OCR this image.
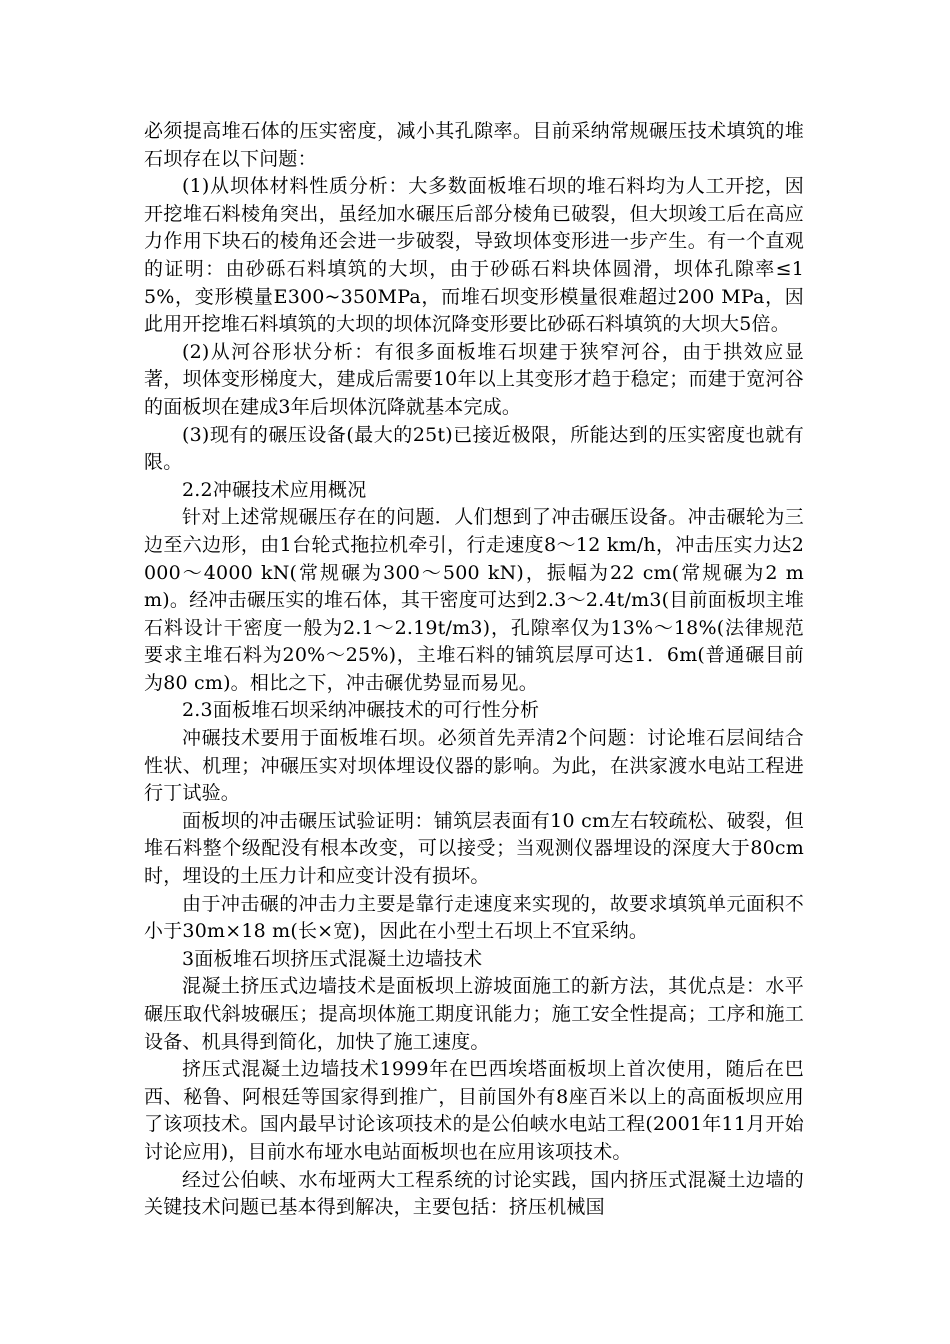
必须提高堆石体的压实密度，减小其孔隙率。目前采纳常规碾压技术填筑的堆石坝存在以下问题：

(1)从坝体材料性质分析：大多数面板堆石坝的堆石料均为人工开挖，因开挖堆石料棱角突出，虽经加水碾压后部分棱角已破裂，但大坝竣工后在高应力作用下块石的棱角还会进一步破裂，导致坝体变形进一步产生。有一个直观的证明：由砂砾石料填筑的大坝，由于砂砾石料块体圆滑，坝体孔隙率≤15%，变形模量E300~350MPa，而堆石坝变形模量很难超过200 MPa，因此用开挖堆石料填筑的大坝的坝体沉降变形要比砂砾石料填筑的大坝大5倍。

(2)从河谷形状分析：有很多面板堆石坝建于狭窄河谷，由于拱效应显著，坝体变形梯度大，建成后需要10年以上其变形才趋于稳定；而建于宽河谷的面板坝在建成3年后坝体沉降就基本完成。

(3)现有的碾压设备(最大的25t)已接近极限，所能达到的压实密度也就有限。

2.2冲碾技术应用概况

针对上述常规碾压存在的问题．人们想到了冲击碾压设备。冲击碾轮为三边至六边形，由1台轮式拖拉机牵引，行走速度8～12 km/h，冲击压实力达2000～4000 kN(常规碾为300～500 kN)，振幅为22 cm(常规碾为2 mm)。经冲击碾压实的堆石体，其干密度可达到2.3～2.4t/m3(目前面板坝主堆石料设计干密度一般为2.1～2.19t/m3)，孔隙率仅为13%～18%(法律规范要求主堆石料为20%～25%)，主堆石料的铺筑层厚可达1．6m(普通碾目前为80 cm)。相比之下，冲击碾优势显而易见。

2.3面板堆石坝采纳冲碾技术的可行性分析

冲碾技术要用于面板堆石坝。必须首先弄清2个问题：讨论堆石层间结合性状、机理；冲碾压实对坝体埋设仪器的影响。为此，在洪家渡水电站工程进行丁试验。

面板坝的冲击碾压试验证明：铺筑层表面有10 cm左右较疏松、破裂，但堆石料整个级配没有根本改变，可以接受；当观测仪器埋设的深度大于80cm时，埋设的土压力计和应变计没有损坏。

由于冲击碾的冲击力主要是靠行走速度来实现的，故要求填筑单元面积不小于30m×18 m(长×宽)，因此在小型土石坝上不宜采纳。

3面板堆石坝挤压式混凝土边墙技术

混凝土挤压式边墙技术是面板坝上游坡面施工的新方法，其优点是：水平碾压取代斜坡碾压；提高坝体施工期度讯能力；施工安全性提高；工序和施工设备、机具得到简化，加快了施工速度。

挤压式混凝土边墙技术1999年在巴西埃塔面板坝上首次使用，随后在巴西、秘鲁、阿根廷等国家得到推广，目前国外有8座百米以上的高面板坝应用了该项技术。国内最早讨论该项技术的是公伯峡水电站工程(2001年11月开始讨论应用)，目前水布垭水电站面板坝也在应用该项技术。

经过公伯峡、水布垭两大工程系统的讨论实践，国内挤压式混凝土边墙的关键技术问题已基本得到解决，主要包括：挤压机械国
